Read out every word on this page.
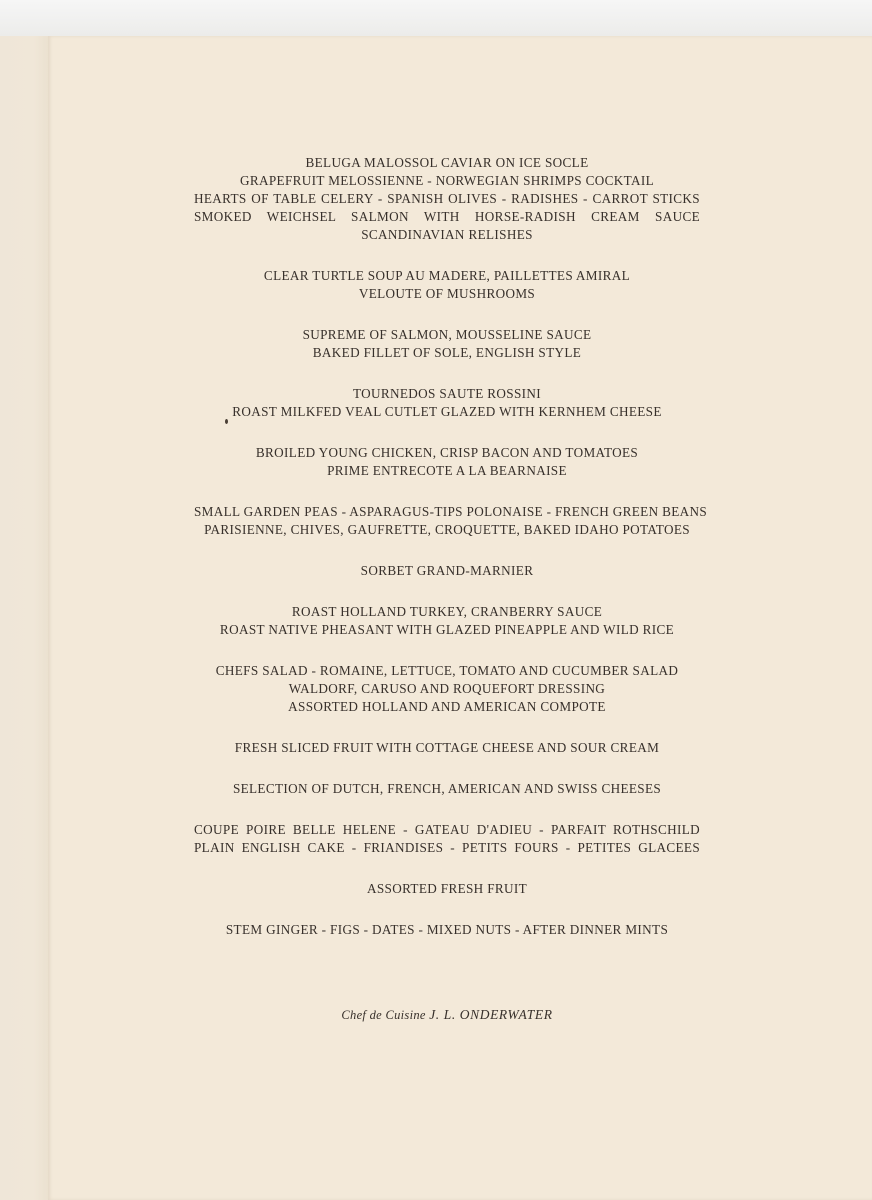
BELUGA MALOSSOL CAVIAR ON ICE SOCLE
GRAPEFRUIT MELOSSIENNE - NORWEGIAN SHRIMPS COCKTAIL
HEARTS OF TABLE CELERY - SPANISH OLIVES - RADISHES - CARROT STICKS
SMOKED WEICHSEL SALMON WITH HORSE-RADISH CREAM SAUCE
SCANDINAVIAN RELISHES
CLEAR TURTLE SOUP AU MADERE, PAILLETTES AMIRAL
VELOUTE OF MUSHROOMS
SUPREME OF SALMON, MOUSSELINE SAUCE
BAKED FILLET OF SOLE, ENGLISH STYLE
TOURNEDOS SAUTE ROSSINI
ROAST MILKFED VEAL CUTLET GLAZED WITH KERNHEM CHEESE
BROILED YOUNG CHICKEN, CRISP BACON AND TOMATOES
PRIME ENTRECOTE A LA BEARNAISE
SMALL GARDEN PEAS - ASPARAGUS-TIPS POLONAISE - FRENCH GREEN BEANS
PARISIENNE, CHIVES, GAUFRETTE, CROQUETTE, BAKED IDAHO POTATOES
SORBET GRAND-MARNIER
ROAST HOLLAND TURKEY, CRANBERRY SAUCE
ROAST NATIVE PHEASANT WITH GLAZED PINEAPPLE AND WILD RICE
CHEFS SALAD - ROMAINE, LETTUCE, TOMATO AND CUCUMBER SALAD
WALDORF, CARUSO AND ROQUEFORT DRESSING
ASSORTED HOLLAND AND AMERICAN COMPOTE
FRESH SLICED FRUIT WITH COTTAGE CHEESE AND SOUR CREAM
SELECTION OF DUTCH, FRENCH, AMERICAN AND SWISS CHEESES
COUPE POIRE BELLE HELENE - GATEAU D'ADIEU - PARFAIT ROTHSCHILD
PLAIN ENGLISH CAKE - FRIANDISES - PETITS FOURS - PETITES GLACEES
ASSORTED FRESH FRUIT
STEM GINGER - FIGS - DATES - MIXED NUTS - AFTER DINNER MINTS
Chef de Cuisine J. L. ONDERWATER
